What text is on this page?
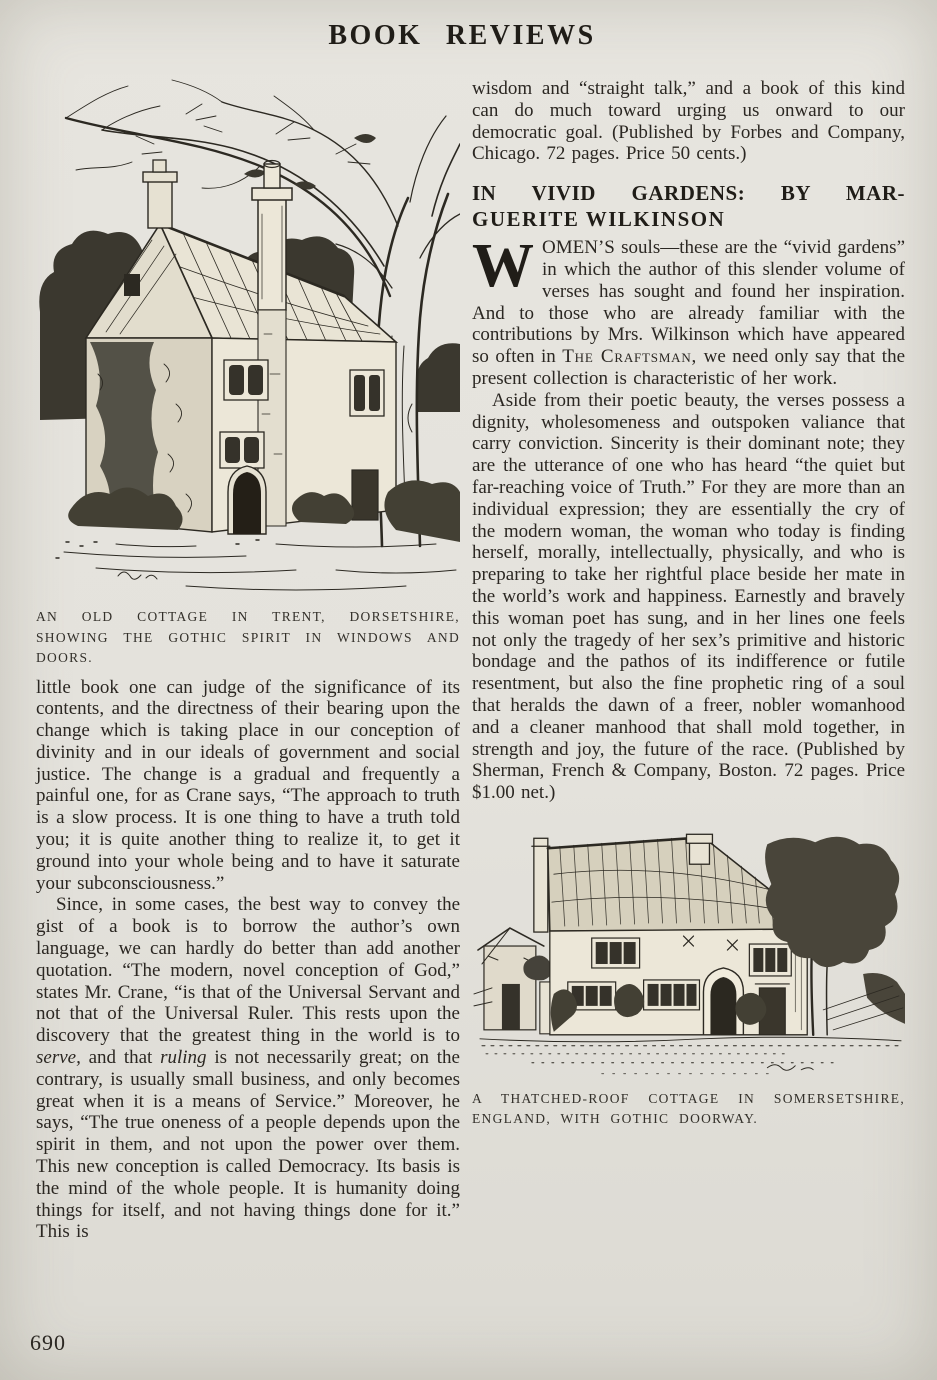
BOOK REVIEWS
AN OLD COTTAGE IN TRENT, DORSETSHIRE, SHOWING THE GOTHIC SPIRIT IN WINDOWS AND DOORS.

little book one can judge of the significance of its contents, and the directness of their bearing upon the change which is taking place in our conception of divinity and in our ideals of government and social justice. The change is a gradual and frequently a painful one, for as Crane says, “The approach to truth is a slow process. It is one thing to have a truth told you; it is quite another thing to realize it, to get it ground into your whole being and to have it saturate your subconsciousness.”

Since, in some cases, the best way to convey the gist of a book is to borrow the author’s own language, we can hardly do better than add another quotation. “The modern, novel conception of God,” states Mr. Crane, “is that of the Universal Servant and not that of the Universal Ruler. This rests upon the discovery that the greatest thing in the world is to serve, and that ruling is not necessarily great; on the contrary, is usually small business, and only becomes great when it is a means of Service.” Moreover, he says, “The true oneness of a people depends upon the spirit in them, and not upon the power over them. This new conception is called Democracy. Its basis is the mind of the whole people. It is humanity doing things for itself, and not having things done for it.” This is

wisdom and “straight talk,” and a book of this kind can do much toward urging us onward to our democratic goal. (Published by Forbes and Company, Chicago. 72 pages. Price 50 cents.)

IN VIVID GARDENS: BY MAR-
GUERITE WILKINSON

WOMEN’S souls—these are the “vivid gardens” in which the author of this slender volume of verses has sought and found her inspiration. And to those who are already familiar with the contributions by Mrs. Wilkinson which have appeared so often in The Craftsman, we need only say that the present collection is characteristic of her work.

Aside from their poetic beauty, the verses possess a dignity, wholesomeness and outspoken valiance that carry conviction. Sincerity is their dominant note; they are the utterance of one who has heard “the quiet but far-reaching voice of Truth.” For they are more than an individual expression; they are essentially the cry of the modern woman, the woman who today is finding herself, morally, intellectually, physically, and who is preparing to take her rightful place beside her mate in the world’s work and happiness. Earnestly and bravely this woman poet has sung, and in her lines one feels not only the tragedy of her sex’s primitive and historic bondage and the pathos of its indifference or futile resentment, but also the fine prophetic ring of a soul that heralds the dawn of a freer, nobler womanhood and a cleaner manhood that shall mold together, in strength and joy, the future of the race. (Published by Sherman, French & Company, Boston. 72 pages. Price $1.00 net.)

A THATCHED-ROOF COTTAGE IN SOMERSETSHIRE, ENGLAND, WITH GOTHIC DOORWAY.
690
